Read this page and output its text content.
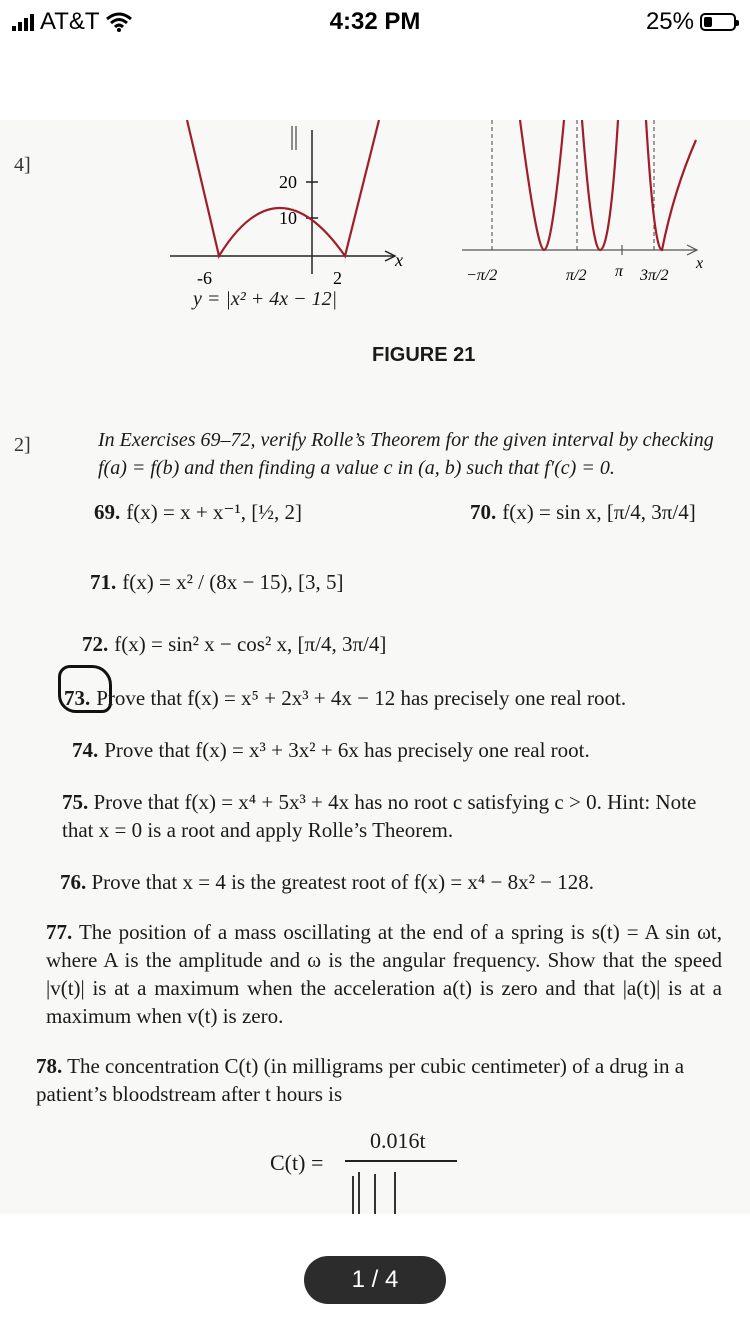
AT&T	4:32 PM	25%
4]
2]
20
10
-6	2
x
y = |x² + 4x − 12|
−π/2	π/2 π 3π/2
x
FIGURE 21
In Exercises 69–72, verify Rolle’s Theorem for the given interval by checking f(a) = f(b) and then finding a value c in (a, b) such that f′(c) = 0.
69. f(x) = x + x⁻¹, [½, 2]	70. f(x) = sin x, [π/4, 3π/4]
71. f(x) = x² / (8x − 15), [3, 5]
72. f(x) = sin² x − cos² x, [π/4, 3π/4]
73. Prove that f(x) = x⁵ + 2x³ + 4x − 12 has precisely one real root.
74. Prove that f(x) = x³ + 3x² + 6x has precisely one real root.
75. Prove that f(x) = x⁴ + 5x³ + 4x has no root c satisfying c > 0. Hint: Note that x = 0 is a root and apply Rolle’s Theorem.
76. Prove that x = 4 is the greatest root of f(x) = x⁴ − 8x² − 128.
77. The position of a mass oscillating at the end of a spring is s(t) = A sin ωt, where A is the amplitude and ω is the angular frequency. Show that the speed |v(t)| is at a maximum when the acceleration a(t) is zero and that |a(t)| is at a maximum when v(t) is zero.
78. The concentration C(t) (in milligrams per cubic centimeter) of a drug in a patient’s bloodstream after t hours is
0.016t
C(t) =
1 / 4
